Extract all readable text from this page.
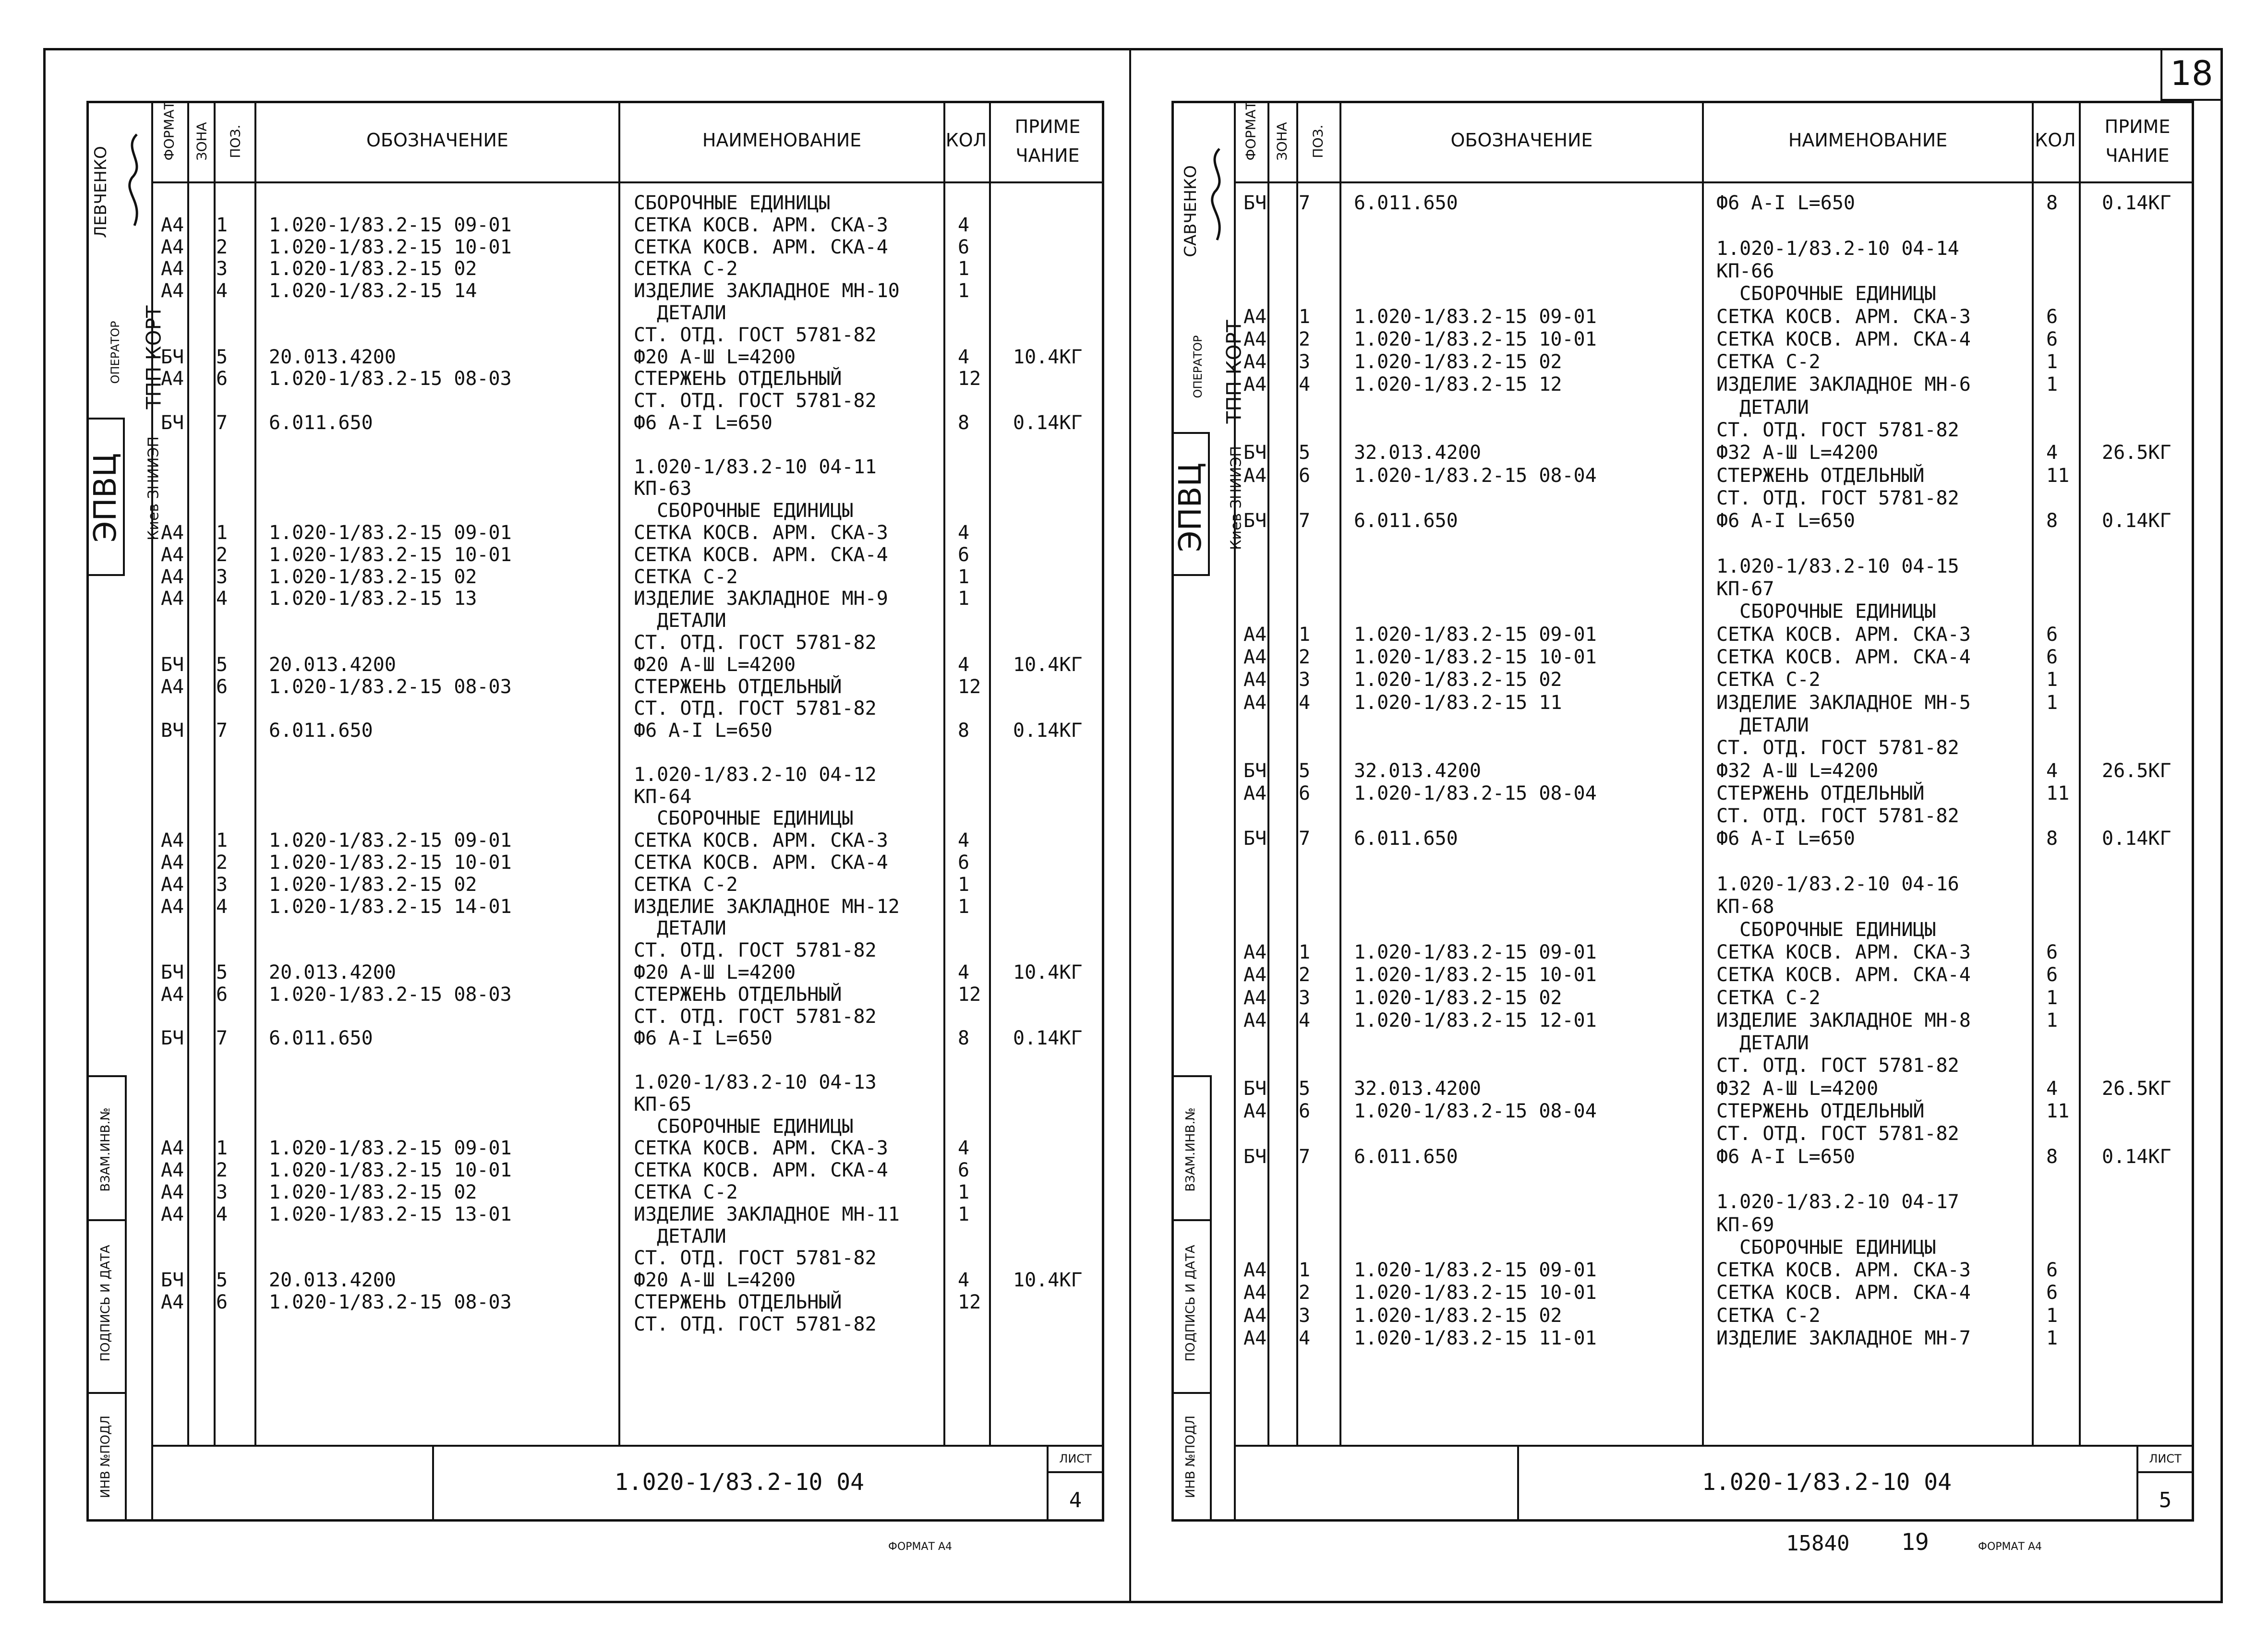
18
ФОРМАТ ЗОНА ПОЗ.	ОБОЗНАЧЕНИЕ	НАИМЕНОВАНИЕ	КОЛ
ПРИМЕ ЧАНИЕ
ЭПВЦ Киев ЗНИИЭП
ОПЕРАТОР ТПП КОРТ
ЛЕВЧЕНКО
ИНВ №ПОДЛ
ПОДПИСЬ И ДАТА
ВЗАМ.ИНВ.№
СБОРОЧНЫЕ ЕДИНИЦЫ
А4 1 1.020-1/83.2-15 09-01	СЕТКА КОСВ. АРМ. СКА-3	4
А4 2 1.020-1/83.2-15 10-01	СЕТКА КОСВ. АРМ. СКА-4	6
А4 3 1.020-1/83.2-15 02	СЕТКА С-2	1
А4 4 1.020-1/83.2-15 14	ИЗДЕЛИЕ ЗАКЛАДНОЕ МН-10	1
ДЕТАЛИ
СТ. ОТД. ГОСТ 5781-82
БЧ 5 20.013.4200	Ф20 А-Ш L=4200	4 10.4КГ
А4 6 1.020-1/83.2-15 08-03	СТЕРЖЕНЬ ОТДЕЛЬНЫЙ	12
СТ. ОТД. ГОСТ 5781-82
БЧ 7 6.011.650	Ф6 А-I L=650	8 0.14КГ
1.020-1/83.2-10 04-11
КП-63
СБОРОЧНЫЕ ЕДИНИЦЫ
А4 1 1.020-1/83.2-15 09-01	СЕТКА КОСВ. АРМ. СКА-3	4
А4 2 1.020-1/83.2-15 10-01	СЕТКА КОСВ. АРМ. СКА-4	6
А4 3 1.020-1/83.2-15 02	СЕТКА С-2	1
А4 4 1.020-1/83.2-15 13	ИЗДЕЛИЕ ЗАКЛАДНОЕ МН-9	1
ДЕТАЛИ
СТ. ОТД. ГОСТ 5781-82
БЧ 5 20.013.4200	Ф20 А-Ш L=4200	4 10.4КГ
А4 6 1.020-1/83.2-15 08-03	СТЕРЖЕНЬ ОТДЕЛЬНЫЙ	12
СТ. ОТД. ГОСТ 5781-82
ВЧ 7 6.011.650	Ф6 А-I L=650	8 0.14КГ
1.020-1/83.2-10 04-12
КП-64
СБОРОЧНЫЕ ЕДИНИЦЫ
А4 1 1.020-1/83.2-15 09-01	СЕТКА КОСВ. АРМ. СКА-3	4
А4 2 1.020-1/83.2-15 10-01	СЕТКА КОСВ. АРМ. СКА-4	6
А4 3 1.020-1/83.2-15 02	СЕТКА С-2	1
А4 4 1.020-1/83.2-15 14-01	ИЗДЕЛИЕ ЗАКЛАДНОЕ МН-12	1
ДЕТАЛИ
СТ. ОТД. ГОСТ 5781-82
БЧ 5 20.013.4200	Ф20 А-Ш L=4200	4 10.4КГ
А4 6 1.020-1/83.2-15 08-03	СТЕРЖЕНЬ ОТДЕЛЬНЫЙ	12
СТ. ОТД. ГОСТ 5781-82
БЧ 7 6.011.650	Ф6 А-I L=650	8 0.14КГ
1.020-1/83.2-10 04-13
КП-65
СБОРОЧНЫЕ ЕДИНИЦЫ
А4 1 1.020-1/83.2-15 09-01	СЕТКА КОСВ. АРМ. СКА-3	4
А4 2 1.020-1/83.2-15 10-01	СЕТКА КОСВ. АРМ. СКА-4	6
А4 3 1.020-1/83.2-15 02	СЕТКА С-2	1
А4 4 1.020-1/83.2-15 13-01	ИЗДЕЛИЕ ЗАКЛАДНОЕ МН-11	1
ДЕТАЛИ
СТ. ОТД. ГОСТ 5781-82
БЧ 5 20.013.4200	Ф20 А-Ш L=4200	4 10.4КГ
А4 6 1.020-1/83.2-15 08-03	СТЕРЖЕНЬ ОТДЕЛЬНЫЙ	12
СТ. ОТД. ГОСТ 5781-82
1.020-1/83.2-10 04
ЛИСТ
4
ФОРМАТ А4
ФОРМАТ ЗОНА ПОЗ.	ОБОЗНАЧЕНИЕ	НАИМЕНОВАНИЕ	КОЛ
ПРИМЕ ЧАНИЕ
ЭПВЦ Киев ЗНИИЭП
ОПЕРАТОР ТПП КОРТ
САВЧЕНКО
ИНВ №ПОДЛ
ПОДПИСЬ И ДАТА
ВЗАМ.ИНВ.№
БЧ 7 6.011.650	Ф6 А-I L=650	8 0.14КГ
1.020-1/83.2-10 04-14
КП-66
СБОРОЧНЫЕ ЕДИНИЦЫ
А4 1 1.020-1/83.2-15 09-01	СЕТКА КОСВ. АРМ. СКА-3	6
А4 2 1.020-1/83.2-15 10-01	СЕТКА КОСВ. АРМ. СКА-4	6
А4 3 1.020-1/83.2-15 02	СЕТКА С-2	1
А4 4 1.020-1/83.2-15 12	ИЗДЕЛИЕ ЗАКЛАДНОЕ МН-6	1
ДЕТАЛИ
СТ. ОТД. ГОСТ 5781-82
БЧ 5 32.013.4200	Ф32 А-Ш L=4200	4 26.5КГ
А4 6 1.020-1/83.2-15 08-04	СТЕРЖЕНЬ ОТДЕЛЬНЫЙ	11
СТ. ОТД. ГОСТ 5781-82
БЧ 7 6.011.650	Ф6 А-I L=650	8 0.14КГ
1.020-1/83.2-10 04-15
КП-67
СБОРОЧНЫЕ ЕДИНИЦЫ
А4 1 1.020-1/83.2-15 09-01	СЕТКА КОСВ. АРМ. СКА-3	6
А4 2 1.020-1/83.2-15 10-01	СЕТКА КОСВ. АРМ. СКА-4	6
А4 3 1.020-1/83.2-15 02	СЕТКА С-2	1
А4 4 1.020-1/83.2-15 11	ИЗДЕЛИЕ ЗАКЛАДНОЕ МН-5	1
ДЕТАЛИ
СТ. ОТД. ГОСТ 5781-82
БЧ 5 32.013.4200	Ф32 А-Ш L=4200	4 26.5КГ
А4 6 1.020-1/83.2-15 08-04	СТЕРЖЕНЬ ОТДЕЛЬНЫЙ	11
СТ. ОТД. ГОСТ 5781-82
БЧ 7 6.011.650	Ф6 А-I L=650	8 0.14КГ
1.020-1/83.2-10 04-16
КП-68
СБОРОЧНЫЕ ЕДИНИЦЫ
А4 1 1.020-1/83.2-15 09-01	СЕТКА КОСВ. АРМ. СКА-3	6
А4 2 1.020-1/83.2-15 10-01	СЕТКА КОСВ. АРМ. СКА-4	6
А4 3 1.020-1/83.2-15 02	СЕТКА С-2	1
А4 4 1.020-1/83.2-15 12-01	ИЗДЕЛИЕ ЗАКЛАДНОЕ МН-8	1
ДЕТАЛИ
СТ. ОТД. ГОСТ 5781-82
БЧ 5 32.013.4200	Ф32 А-Ш L=4200	4 26.5КГ
А4 6 1.020-1/83.2-15 08-04	СТЕРЖЕНЬ ОТДЕЛЬНЫЙ	11
СТ. ОТД. ГОСТ 5781-82
БЧ 7 6.011.650	Ф6 А-I L=650	8 0.14КГ
1.020-1/83.2-10 04-17
КП-69
СБОРОЧНЫЕ ЕДИНИЦЫ
А4 1 1.020-1/83.2-15 09-01	СЕТКА КОСВ. АРМ. СКА-3	6
А4 2 1.020-1/83.2-15 10-01	СЕТКА КОСВ. АРМ. СКА-4	6
А4 3 1.020-1/83.2-15 02	СЕТКА С-2	1
А4 4 1.020-1/83.2-15 11-01	ИЗДЕЛИЕ ЗАКЛАДНОЕ МН-7	1
1.020-1/83.2-10 04
ЛИСТ
5
15840 19	ФОРМАТ А4
